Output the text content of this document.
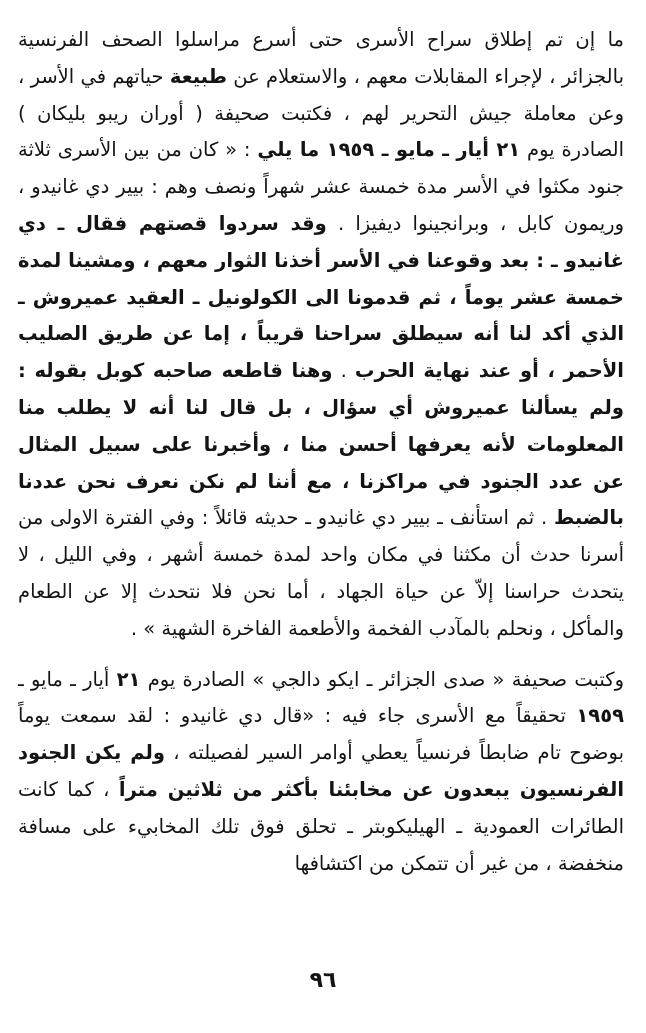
ما إن تم إطلاق سراح الأسرى حتى أسرع مراسلوا الصحف الفرنسية بالجزائر ، لإجراء المقابلات معهم ، والاستعلام عن طبيعة حياتهم في الأسر ، وعن معاملة جيش التحرير لهم ، فكتبت صحيفة ( أوران ريبو بليكان ) الصادرة يوم ٢١ أيار ـ مايو ـ ١٩٥٩ ما يلي : « كان من بين الأسرى ثلاثة جنود مكثوا في الأسر مدة خمسة عشر شهراً ونصف وهم : بيير دي غانيدو ، وريمون كابل ، وبرانجينوا ديفيزا . وقد سردوا قصتهم فقال ـ دي غانيدو ـ : بعد وقوعنا في الأسر أخذنا الثوار معهم ، ومشينا لمدة خمسة عشر يوماً ، ثم قدمونا الى الكولونيل ـ العقيد عميروش ـ الذي أكد لنا أنه سيطلق سراحنا قريباً ، إما عن طريق الصليب الأحمر ، أو عند نهاية الحرب . وهنا قاطعه صاحبه كوبل بقوله : ولم يسألنا عميروش أي سؤال ، بل قال لنا أنه لا يطلب منا المعلومات لأنه يعرفها أحسن منا ، وأخبرنا على سبيل المثال عن عدد الجنود في مراكزنا ، مع أننا لم نكن نعرف نحن عددنا بالضبط . ثم استأنف ـ بيير دي غانيدو ـ حديثه قائلاً : وفي الفترة الاولى من أسرنا حدث أن مكثنا في مكان واحد لمدة خمسة أشهر ، وفي الليل ، لا يتحدث حراسنا إلاّ عن حياة الجهاد ، أما نحن فلا نتحدث إلا عن الطعام والمأكل ، ونحلم بالمآدب الفخمة والأطعمة الفاخرة الشهية » .

وكتبت صحيفة « صدى الجزائر ـ ايكو دالجي » الصادرة يوم ٢١ أيار ـ مايو ـ ١٩٥٩ تحقيقاً مع الأسرى جاء فيه : «قال دي غانيدو : لقد سمعت يوماً بوضوح تام ضابطاً فرنسياً يعطي أوامر السير لفصيلته ، ولم يكن الجنود الفرنسيون يبعدون عن مخابئنا بأكثر من ثلاثين متراً ، كما كانت الطائرات العمودية ـ الهيليكوبتر ـ تحلق فوق تلك المخابيء على مسافة منخفضة ، من غير أن تتمكن من اكتشافها

٩٦
